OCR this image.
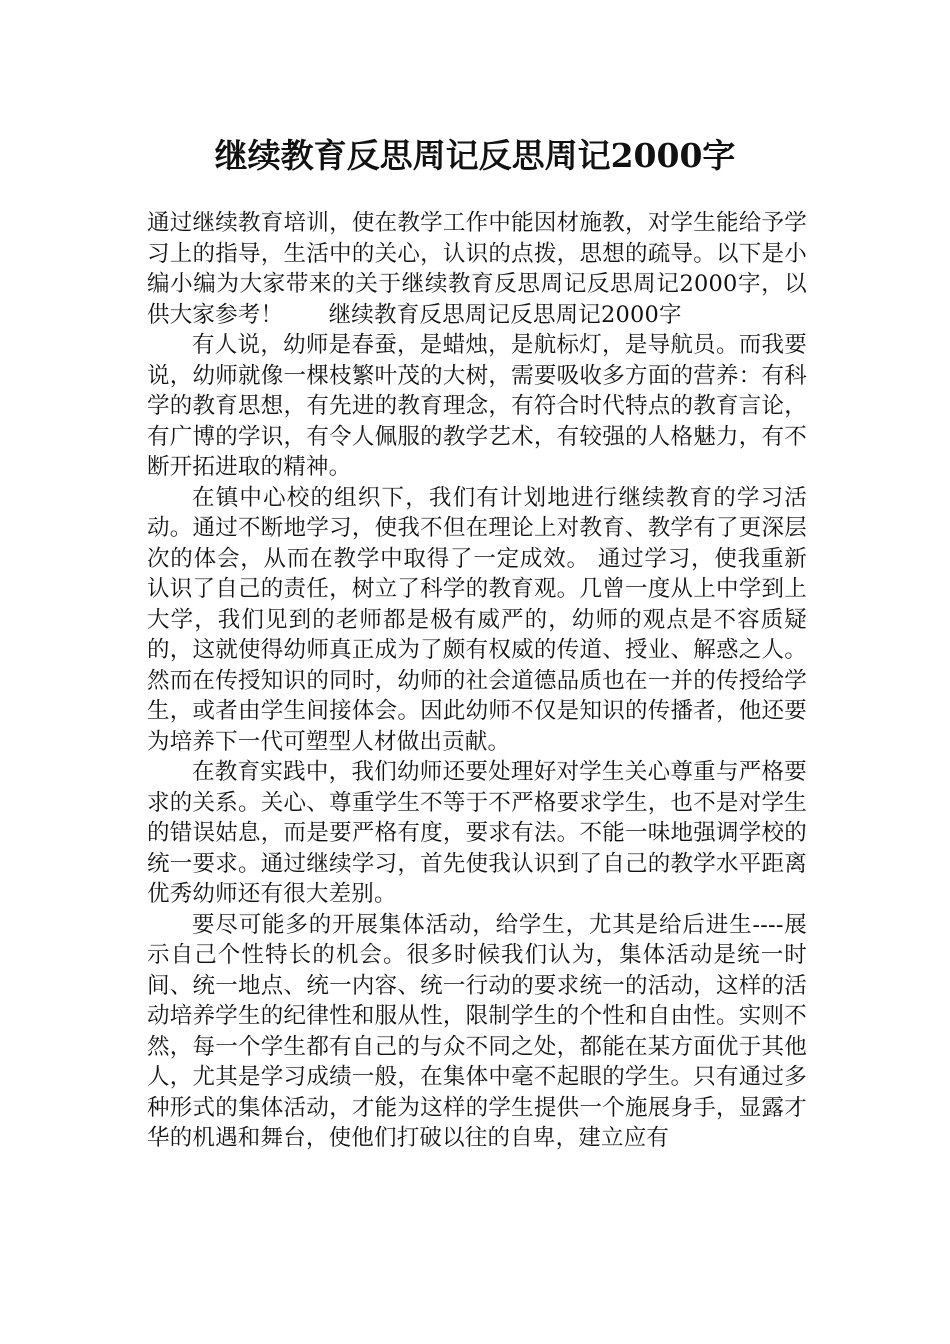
继续教育反思周记反思周记2000字

通过继续教育培训，使在教学工作中能因材施教，对学生能给予学习上的指导，生活中的关心，认识的点拨，思想的疏导。以下是小编小编为大家带来的关于继续教育反思周记反思周记2000字，以供大家参考！　　继续教育反思周记反思周记2000字

有人说，幼师是春蚕，是蜡烛，是航标灯，是导航员。而我要说，幼师就像一棵枝繁叶茂的大树，需要吸收多方面的营养：有科学的教育思想，有先进的教育理念，有符合时代特点的教育言论，有广博的学识，有令人佩服的教学艺术，有较强的人格魅力，有不断开拓进取的精神。

在镇中心校的组织下，我们有计划地进行继续教育的学习活动。通过不断地学习，使我不但在理论上对教育、教学有了更深层次的体会，从而在教学中取得了一定成效。 通过学习，使我重新认识了自己的责任，树立了科学的教育观。几曾一度从上中学到上大学，我们见到的老师都是极有威严的，幼师的观点是不容质疑的，这就使得幼师真正成为了颇有权威的传道、授业、解惑之人。然而在传授知识的同时，幼师的社会道德品质也在一并的传授给学生，或者由学生间接体会。因此幼师不仅是知识的传播者，他还要为培养下一代可塑型人材做出贡献。

在教育实践中，我们幼师还要处理好对学生关心尊重与严格要求的关系。关心、尊重学生不等于不严格要求学生，也不是对学生的错误姑息，而是要严格有度，要求有法。不能一味地强调学校的统一要求。通过继续学习，首先使我认识到了自己的教学水平距离优秀幼师还有很大差别。

要尽可能多的开展集体活动，给学生，尤其是给后进生----展示自己个性特长的机会。很多时候我们认为，集体活动是统一时间、统一地点、统一内容、统一行动的要求统一的活动，这样的活动培养学生的纪律性和服从性，限制学生的个性和自由性。实则不然，每一个学生都有自己的与众不同之处，都能在某方面优于其他人，尤其是学习成绩一般，在集体中毫不起眼的学生。只有通过多种形式的集体活动，才能为这样的学生提供一个施展身手，显露才华的机遇和舞台，使他们打破以往的自卑，建立应有
